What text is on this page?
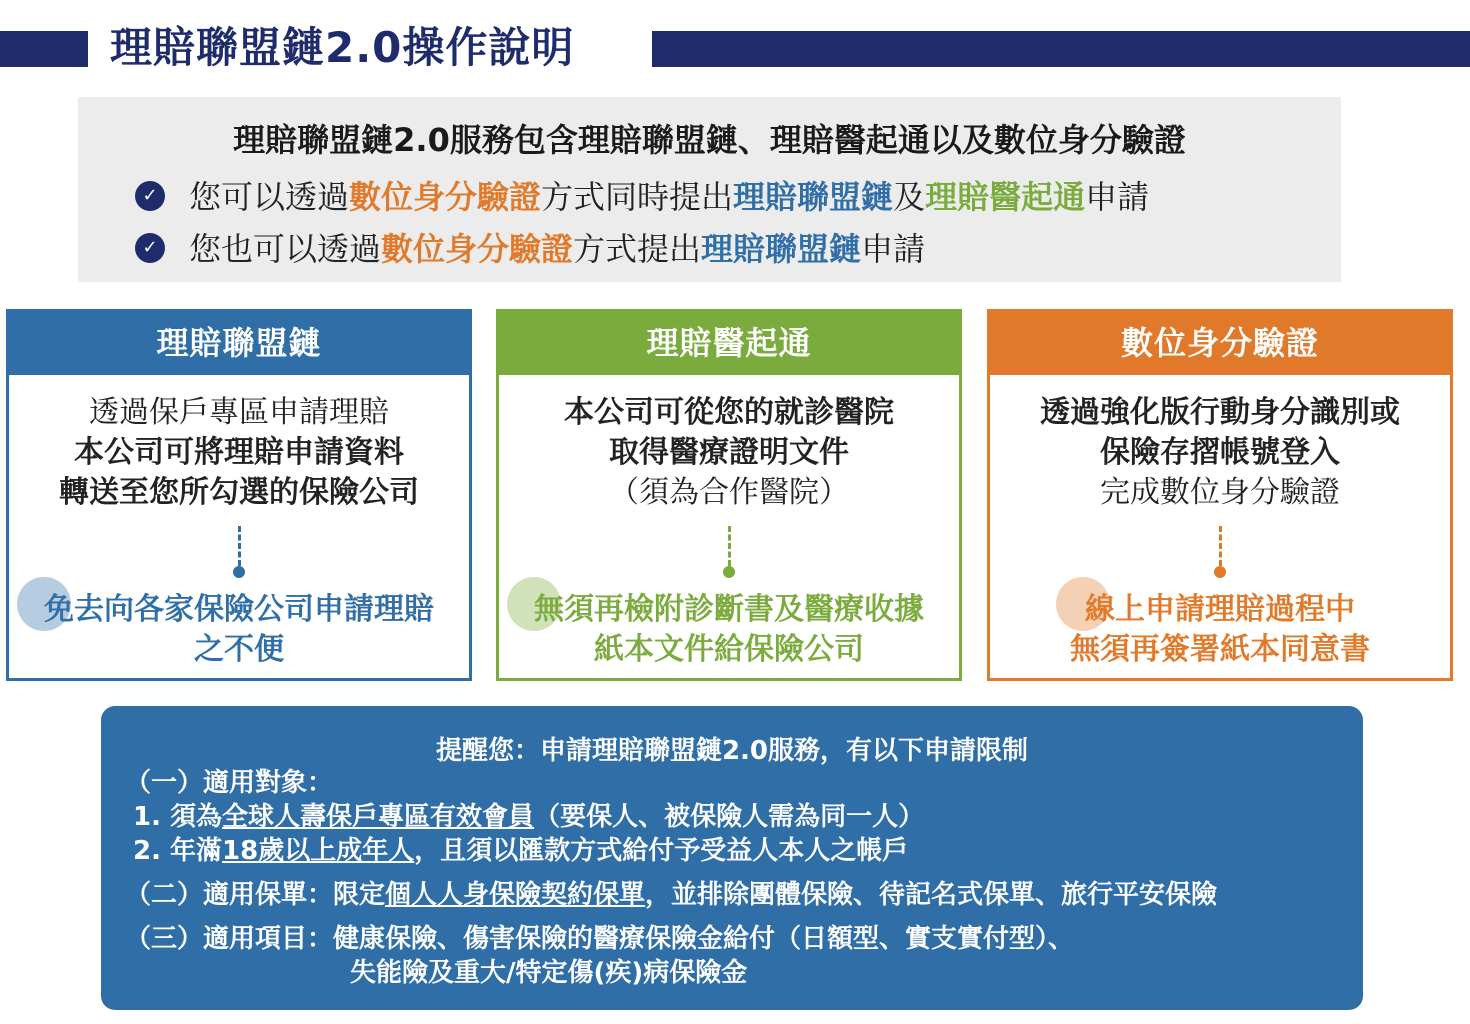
理賠聯盟鏈2.0操作說明
理賠聯盟鏈2.0服務包含理賠聯盟鏈、理賠醫起通以及數位身分驗證
✓ 您可以透過數位身分驗證方式同時提出理賠聯盟鏈及理賠醫起通申請
✓ 您也可以透過數位身分驗證方式提出理賠聯盟鏈申請
理賠聯盟鏈
透過保戶專區申請理賠
本公司可將理賠申請資料
轉送至您所勾選的保險公司
免去向各家保險公司申請理賠
之不便
理賠醫起通
本公司可從您的就診醫院
取得醫療證明文件
（須為合作醫院）
無須再檢附診斷書及醫療收據
紙本文件給保險公司
數位身分驗證
透過強化版行動身分識別或
保險存摺帳號登入
完成數位身分驗證
線上申請理賠過程中
無須再簽署紙本同意書
提醒您：申請理賠聯盟鏈2.0服務，有以下申請限制
（一）適用對象：
1. 須為全球人壽保戶專區有效會員（要保人、被保險人需為同一人）
2. 年滿18歲以上成年人，且須以匯款方式給付予受益人本人之帳戶
（二）適用保單：限定個人人身保險契約保單，並排除團體保險、待記名式保單、旅行平安保險
（三）適用項目：健康保險、傷害保險的醫療保險金給付（日額型、實支實付型）、
失能險及重大/特定傷(疾)病保險金
